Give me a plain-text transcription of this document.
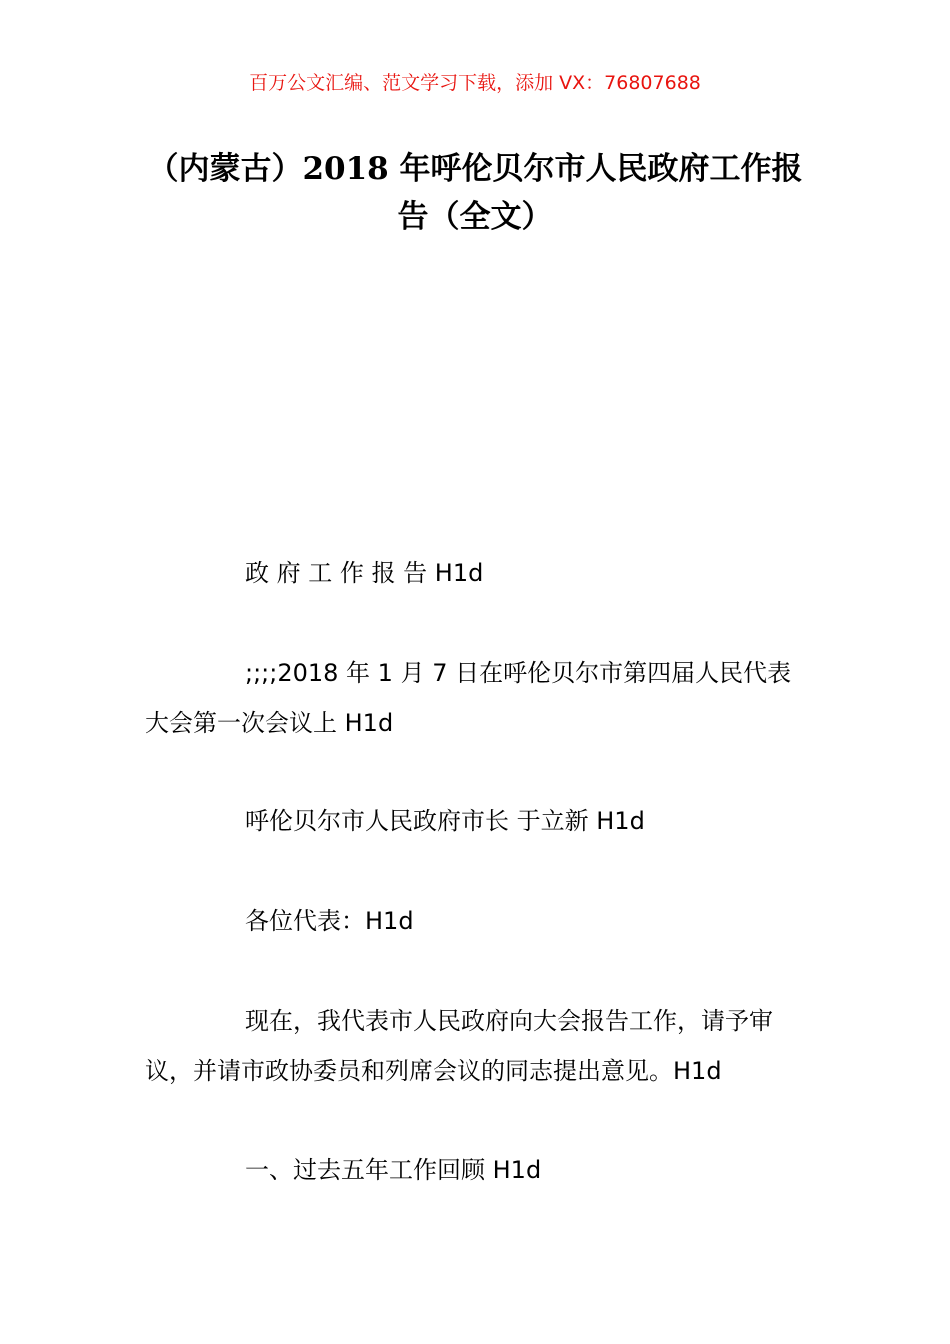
百万公文汇编、范文学习下载，添加 VX：76807688
（内蒙古）2018 年呼伦贝尔市人民政府工作报告（全文）

政 府 工 作 报 告 H1d

;;;;2018 年 1 月 7 日在呼伦贝尔市第四届人民代表大会第一次会议上 H1d

呼伦贝尔市人民政府市长 于立新 H1d

各位代表：H1d

现在，我代表市人民政府向大会报告工作，请予审议，并请市政协委员和列席会议的同志提出意见。H1d

一、过去五年工作回顾 H1d
